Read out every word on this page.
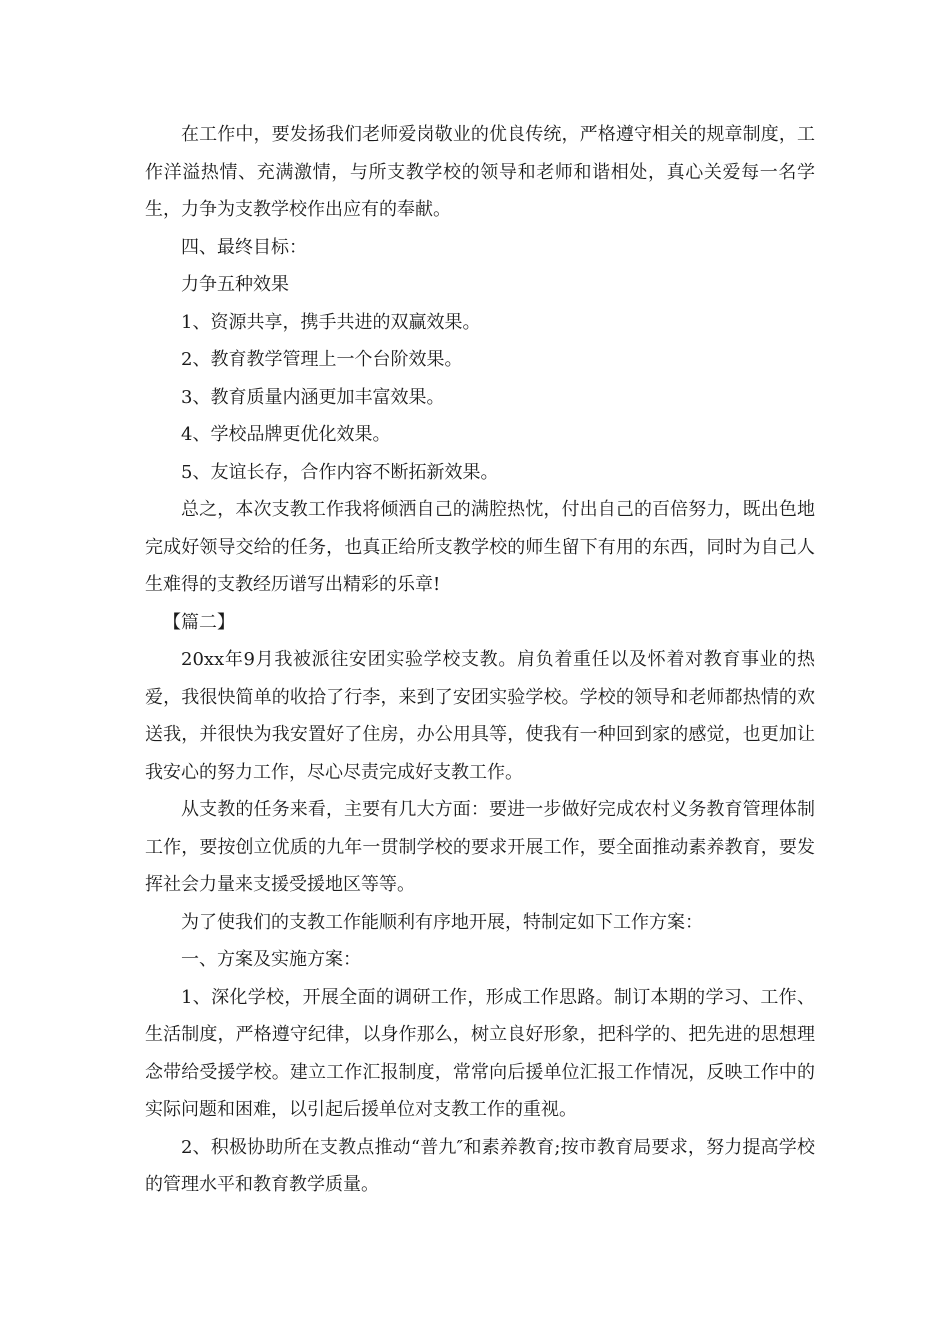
在工作中，要发扬我们老师爱岗敬业的优良传统，严格遵守相关的规章制度，工作洋溢热情、充满激情，与所支教学校的领导和老师和谐相处，真心关爱每一名学生，力争为支教学校作出应有的奉献。

四、最终目标：

力争五种效果

1、资源共享，携手共进的双赢效果。

2、教育教学管理上一个台阶效果。

3、教育质量内涵更加丰富效果。

4、学校品牌更优化效果。

5、友谊长存，合作内容不断拓新效果。

总之，本次支教工作我将倾洒自己的满腔热忱，付出自己的百倍努力，既出色地完成好领导交给的任务，也真正给所支教学校的师生留下有用的东西，同时为自己人生难得的支教经历谱写出精彩的乐章!

【篇二】

20xx年9月我被派往安团实验学校支教。肩负着重任以及怀着对教育事业的热爱，我很快简单的收拾了行李，来到了安团实验学校。学校的领导和老师都热情的欢送我，并很快为我安置好了住房，办公用具等，使我有一种回到家的感觉，也更加让我安心的努力工作，尽心尽责完成好支教工作。

从支教的任务来看，主要有几大方面：要进一步做好完成农村义务教育管理体制工作，要按创立优质的九年一贯制学校的要求开展工作，要全面推动素养教育，要发挥社会力量来支援受援地区等等。

为了使我们的支教工作能顺利有序地开展，特制定如下工作方案：

一、方案及实施方案：

1、深化学校，开展全面的调研工作，形成工作思路。制订本期的学习、工作、生活制度，严格遵守纪律，以身作那么，树立良好形象，把科学的、把先进的思想理念带给受援学校。建立工作汇报制度，常常向后援单位汇报工作情况，反映工作中的实际问题和困难，以引起后援单位对支教工作的重视。

2、积极协助所在支教点推动“普九″和素养教育;按市教育局要求，努力提高学校的管理水平和教育教学质量。
